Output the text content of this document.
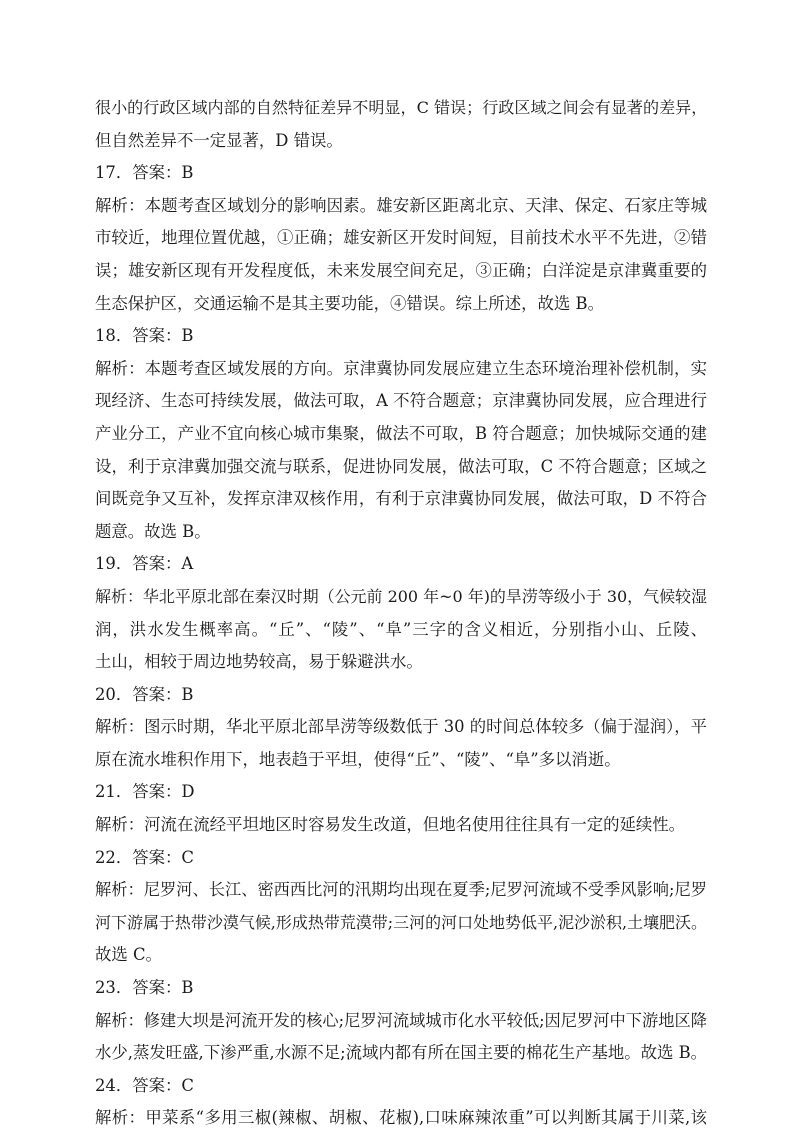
很小的行政区域内部的自然特征差异不明显，C 错误；行政区域之间会有显著的差异，
但自然差异不一定显著，D 错误。
17．答案：B
解析：本题考查区域划分的影响因素。雄安新区距离北京、天津、保定、石家庄等城
市较近，地理位置优越，①正确；雄安新区开发时间短，目前技术水平不先进，②错
误；雄安新区现有开发程度低，未来发展空间充足，③正确；白洋淀是京津冀重要的
生态保护区，交通运输不是其主要功能，④错误。综上所述，故选 B。
18．答案：B
解析：本题考查区域发展的方向。京津冀协同发展应建立生态环境治理补偿机制，实
现经济、生态可持续发展，做法可取，A 不符合题意；京津冀协同发展，应合理进行
产业分工，产业不宜向核心城市集聚，做法不可取，B 符合题意；加快城际交通的建
设，利于京津冀加强交流与联系，促进协同发展，做法可取，C 不符合题意；区域之
间既竞争又互补，发挥京津双核作用，有利于京津冀协同发展，做法可取，D 不符合
题意。故选 B。
19．答案：A
解析：华北平原北部在秦汉时期（公元前 200 年~0 年)的旱涝等级小于 30，气候较湿
润，洪水发生概率高。“丘”、“陵”、“阜”三字的含义相近，分别指小山、丘陵、
土山，相较于周边地势较高，易于躲避洪水。
20．答案：B
解析：图示时期，华北平原北部旱涝等级数低于 30 的时间总体较多（偏于湿润），平
原在流水堆积作用下，地表趋于平坦，使得“丘”、“陵”、“阜”多以消逝。
21．答案：D
解析：河流在流经平坦地区时容易发生改道，但地名使用往往具有一定的延续性。
22．答案：C
解析：尼罗河、长江、密西西比河的汛期均出现在夏季;尼罗河流域不受季风影响;尼罗
河下游属于热带沙漠气候,形成热带荒漠带;三河的河口处地势低平,泥沙淤积,土壤肥沃。
故选 C。
23．答案：B
解析：修建大坝是河流开发的核心;尼罗河流域城市化水平较低;因尼罗河中下游地区降
水少,蒸发旺盛,下渗严重,水源不足;流域内都有所在国主要的棉花生产基地。故选 B。
24．答案：C
解析：甲菜系“多用三椒(辣椒、胡椒、花椒),口味麻辣浓重”可以判断其属于川菜,该
